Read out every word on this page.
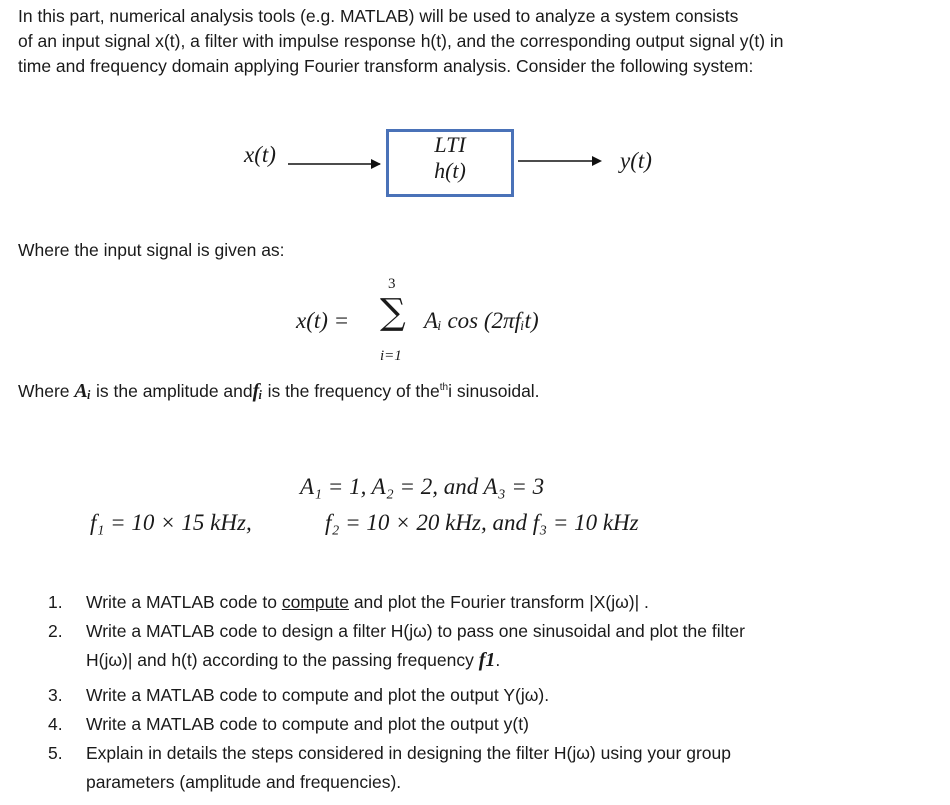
In this part, numerical analysis tools (e.g. MATLAB) will be used to analyze a system consists
of an input signal x(t), a filter with impulse response h(t), and the corresponding output signal y(t) in
time and frequency domain applying Fourier transform analysis. Consider the following system:
x(t)	LTI
h(t)	y(t)
Where the input signal is given as:
x(t) =
3
∑
i=1
Aᵢ cos (2πfᵢt)
Where Aᵢ is the amplitude andfᵢ is the frequency of the$^{th}$i sinusoidal.
A₁ = 1, A₂ = 2, and A₃ = 3
f₁ = 10 × 15 kHz,	f₂ = 10 × 20 kHz, and f₃ = 10 kHz
1. Write a MATLAB code to compute and plot the Fourier transform |X(jω)| .
2. Write a MATLAB code to design a filter H(jω) to pass one sinusoidal and plot the filter
H(jω)| and h(t) according to the passing frequency f1.
3. Write a MATLAB code to compute and plot the output Y(jω).
4. Write a MATLAB code to compute and plot the output y(t)
5. Explain in details the steps considered in designing the filter H(jω) using your group
parameters (amplitude and frequencies).
